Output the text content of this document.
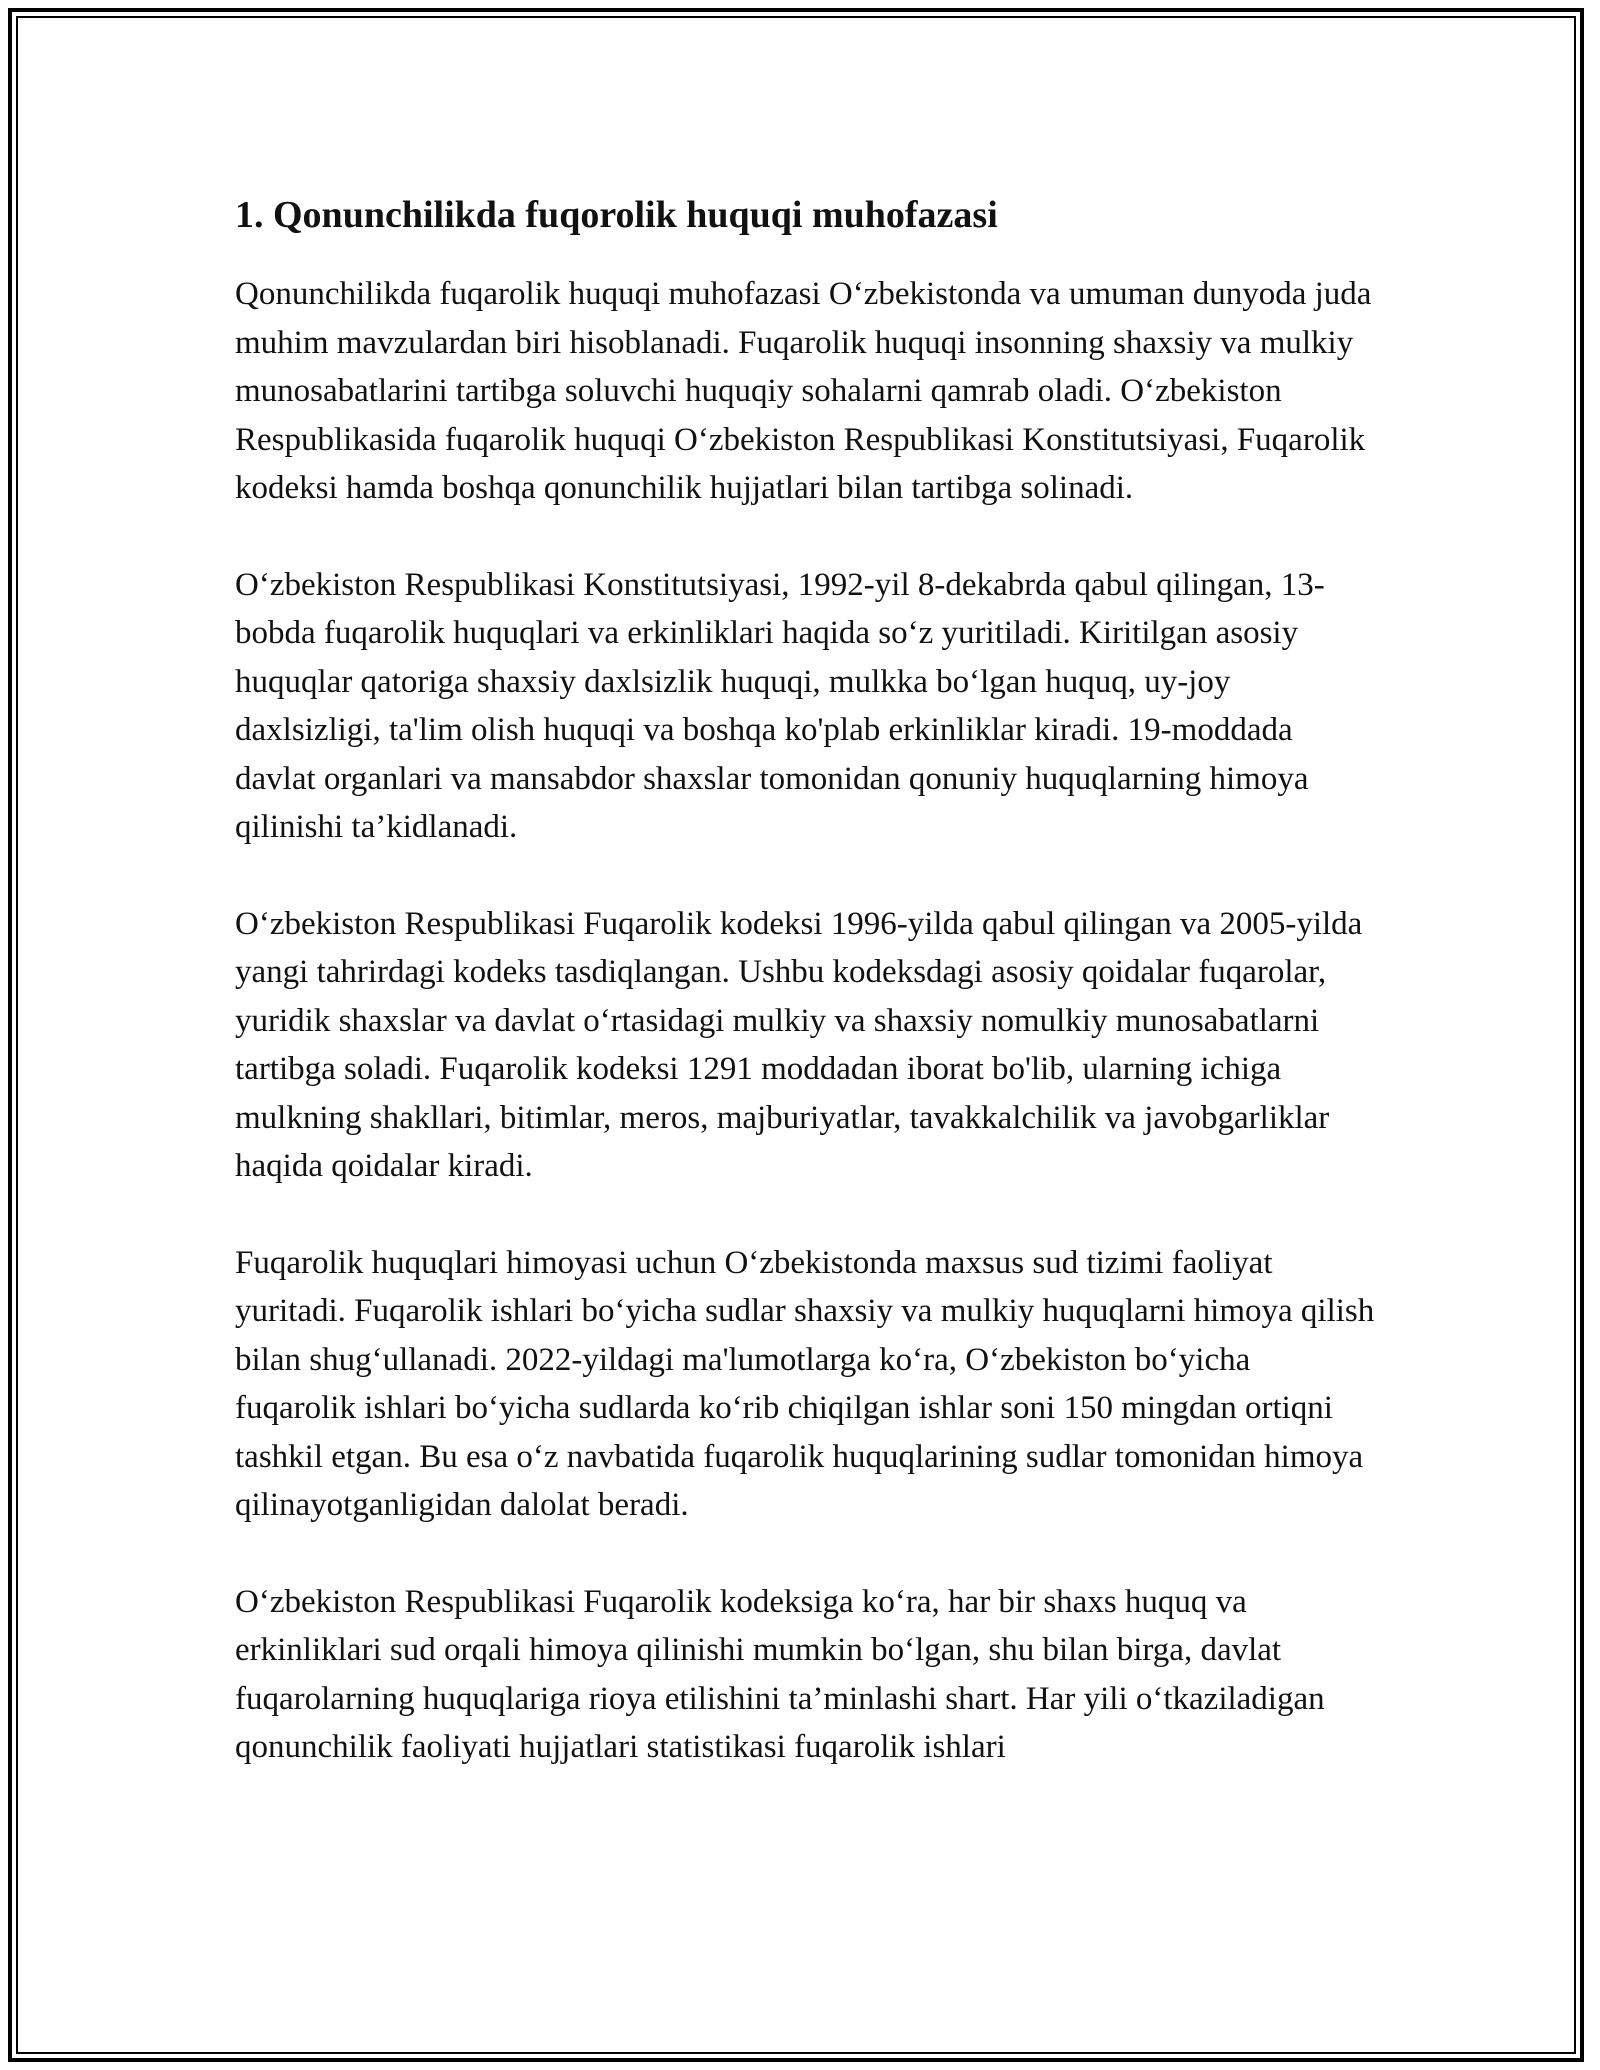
1. Qonunchilikda fuqorolik huquqi muhofazasi

Qonunchilikda fuqarolik huquqi muhofazasi O‘zbekistonda va umuman dunyoda juda muhim mavzulardan biri hisoblanadi. Fuqarolik huquqi insonning shaxsiy va mulkiy munosabatlarini tartibga soluvchi huquqiy sohalarni qamrab oladi. O‘zbekiston Respublikasida fuqarolik huquqi O‘zbekiston Respublikasi Konstitutsiyasi, Fuqarolik kodeksi hamda boshqa qonunchilik hujjatlari bilan tartibga solinadi.

O‘zbekiston Respublikasi Konstitutsiyasi, 1992-yil 8-dekabrda qabul qilingan, 13-bobda fuqarolik huquqlari va erkinliklari haqida so‘z yuritiladi. Kiritilgan asosiy huquqlar qatoriga shaxsiy daxlsizlik huquqi, mulkka bo‘lgan huquq, uy-joy daxlsizligi, ta'lim olish huquqi va boshqa ko'plab erkinliklar kiradi. 19-moddada davlat organlari va mansabdor shaxslar tomonidan qonuniy huquqlarning himoya qilinishi ta’kidlanadi.

O‘zbekiston Respublikasi Fuqarolik kodeksi 1996-yilda qabul qilingan va 2005-yilda yangi tahrirdagi kodeks tasdiqlangan. Ushbu kodeksdagi asosiy qoidalar fuqarolar, yuridik shaxslar va davlat o‘rtasidagi mulkiy va shaxsiy nomulkiy munosabatlarni tartibga soladi. Fuqarolik kodeksi 1291 moddadan iborat bo'lib, ularning ichiga mulkning shakllari, bitimlar, meros, majburiyatlar, tavakkalchilik va javobgarliklar haqida qoidalar kiradi.

Fuqarolik huquqlari himoyasi uchun O‘zbekistonda maxsus sud tizimi faoliyat yuritadi. Fuqarolik ishlari bo‘yicha sudlar shaxsiy va mulkiy huquqlarni himoya qilish bilan shug‘ullanadi. 2022-yildagi ma'lumotlarga ko‘ra, O‘zbekiston bo‘yicha fuqarolik ishlari bo‘yicha sudlarda ko‘rib chiqilgan ishlar soni 150 mingdan ortiqni tashkil etgan. Bu esa o‘z navbatida fuqarolik huquqlarining sudlar tomonidan himoya qilinayotganligidan dalolat beradi.

O‘zbekiston Respublikasi Fuqarolik kodeksiga ko‘ra, har bir shaxs huquq va erkinliklari sud orqali himoya qilinishi mumkin bo‘lgan, shu bilan birga, davlat fuqarolarning huquqlariga rioya etilishini ta’minlashi shart. Har yili o‘tkaziladigan qonunchilik faoliyati hujjatlari statistikasi fuqarolik ishlari
